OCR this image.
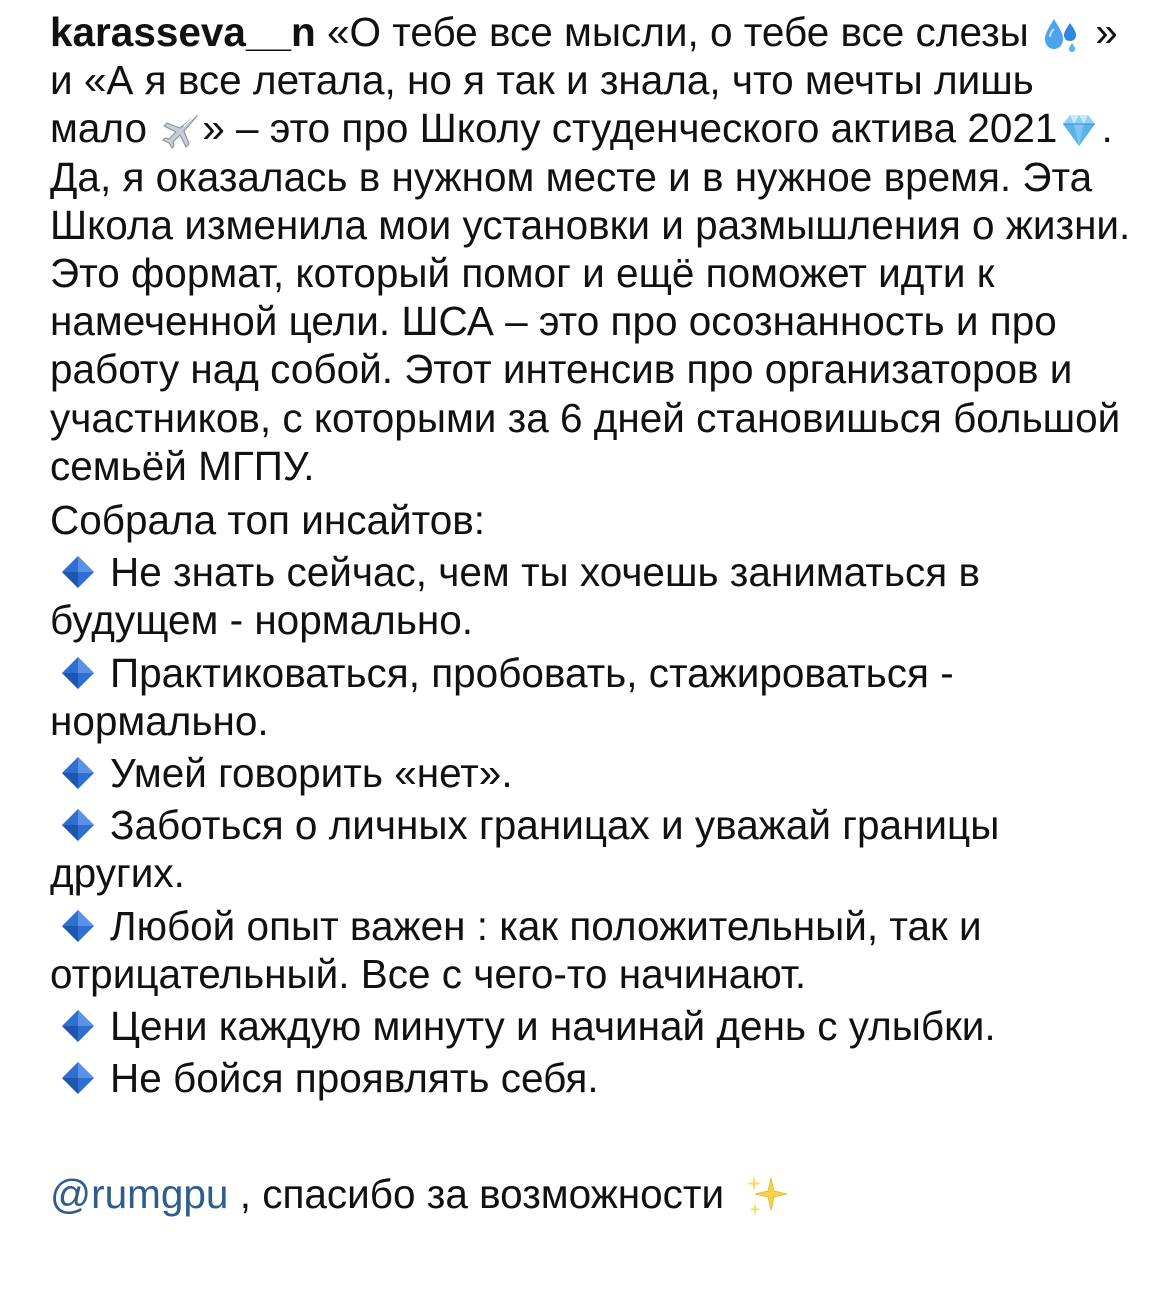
karasseva__n «О тебе все мысли, о тебе все слезы
» и «А я все летала, но я так и знала, что мечты лишь мало
» – это про Школу студенческого актива 2021 . Да, я оказалась в нужном месте и в нужное время. Эта Школа изменила мои установки и размышления о жизни. Это формат, который помог и ещё поможет идти к намеченной цели. ШСА – это про осознанность и про работу над собой. Этот интенсив про организаторов и участников, с которыми за 6 дней становишься большой семьёй МГПУ.

Собрала топ инсайтов:

Не знать сейчас, чем ты хочешь заниматься в будущем - нормально.

Практиковаться, пробовать, стажироваться - нормально.

Умей говорить «нет».

Заботься о личных границах и уважай границы других.

Любой опыт важен : как положительный, так и отрицательный. Все с чего-то начинают.

Цени каждую минуту и начинай день с улыбки.

Не бойся проявлять себя.

@rumgpu , спасибо за возможности
